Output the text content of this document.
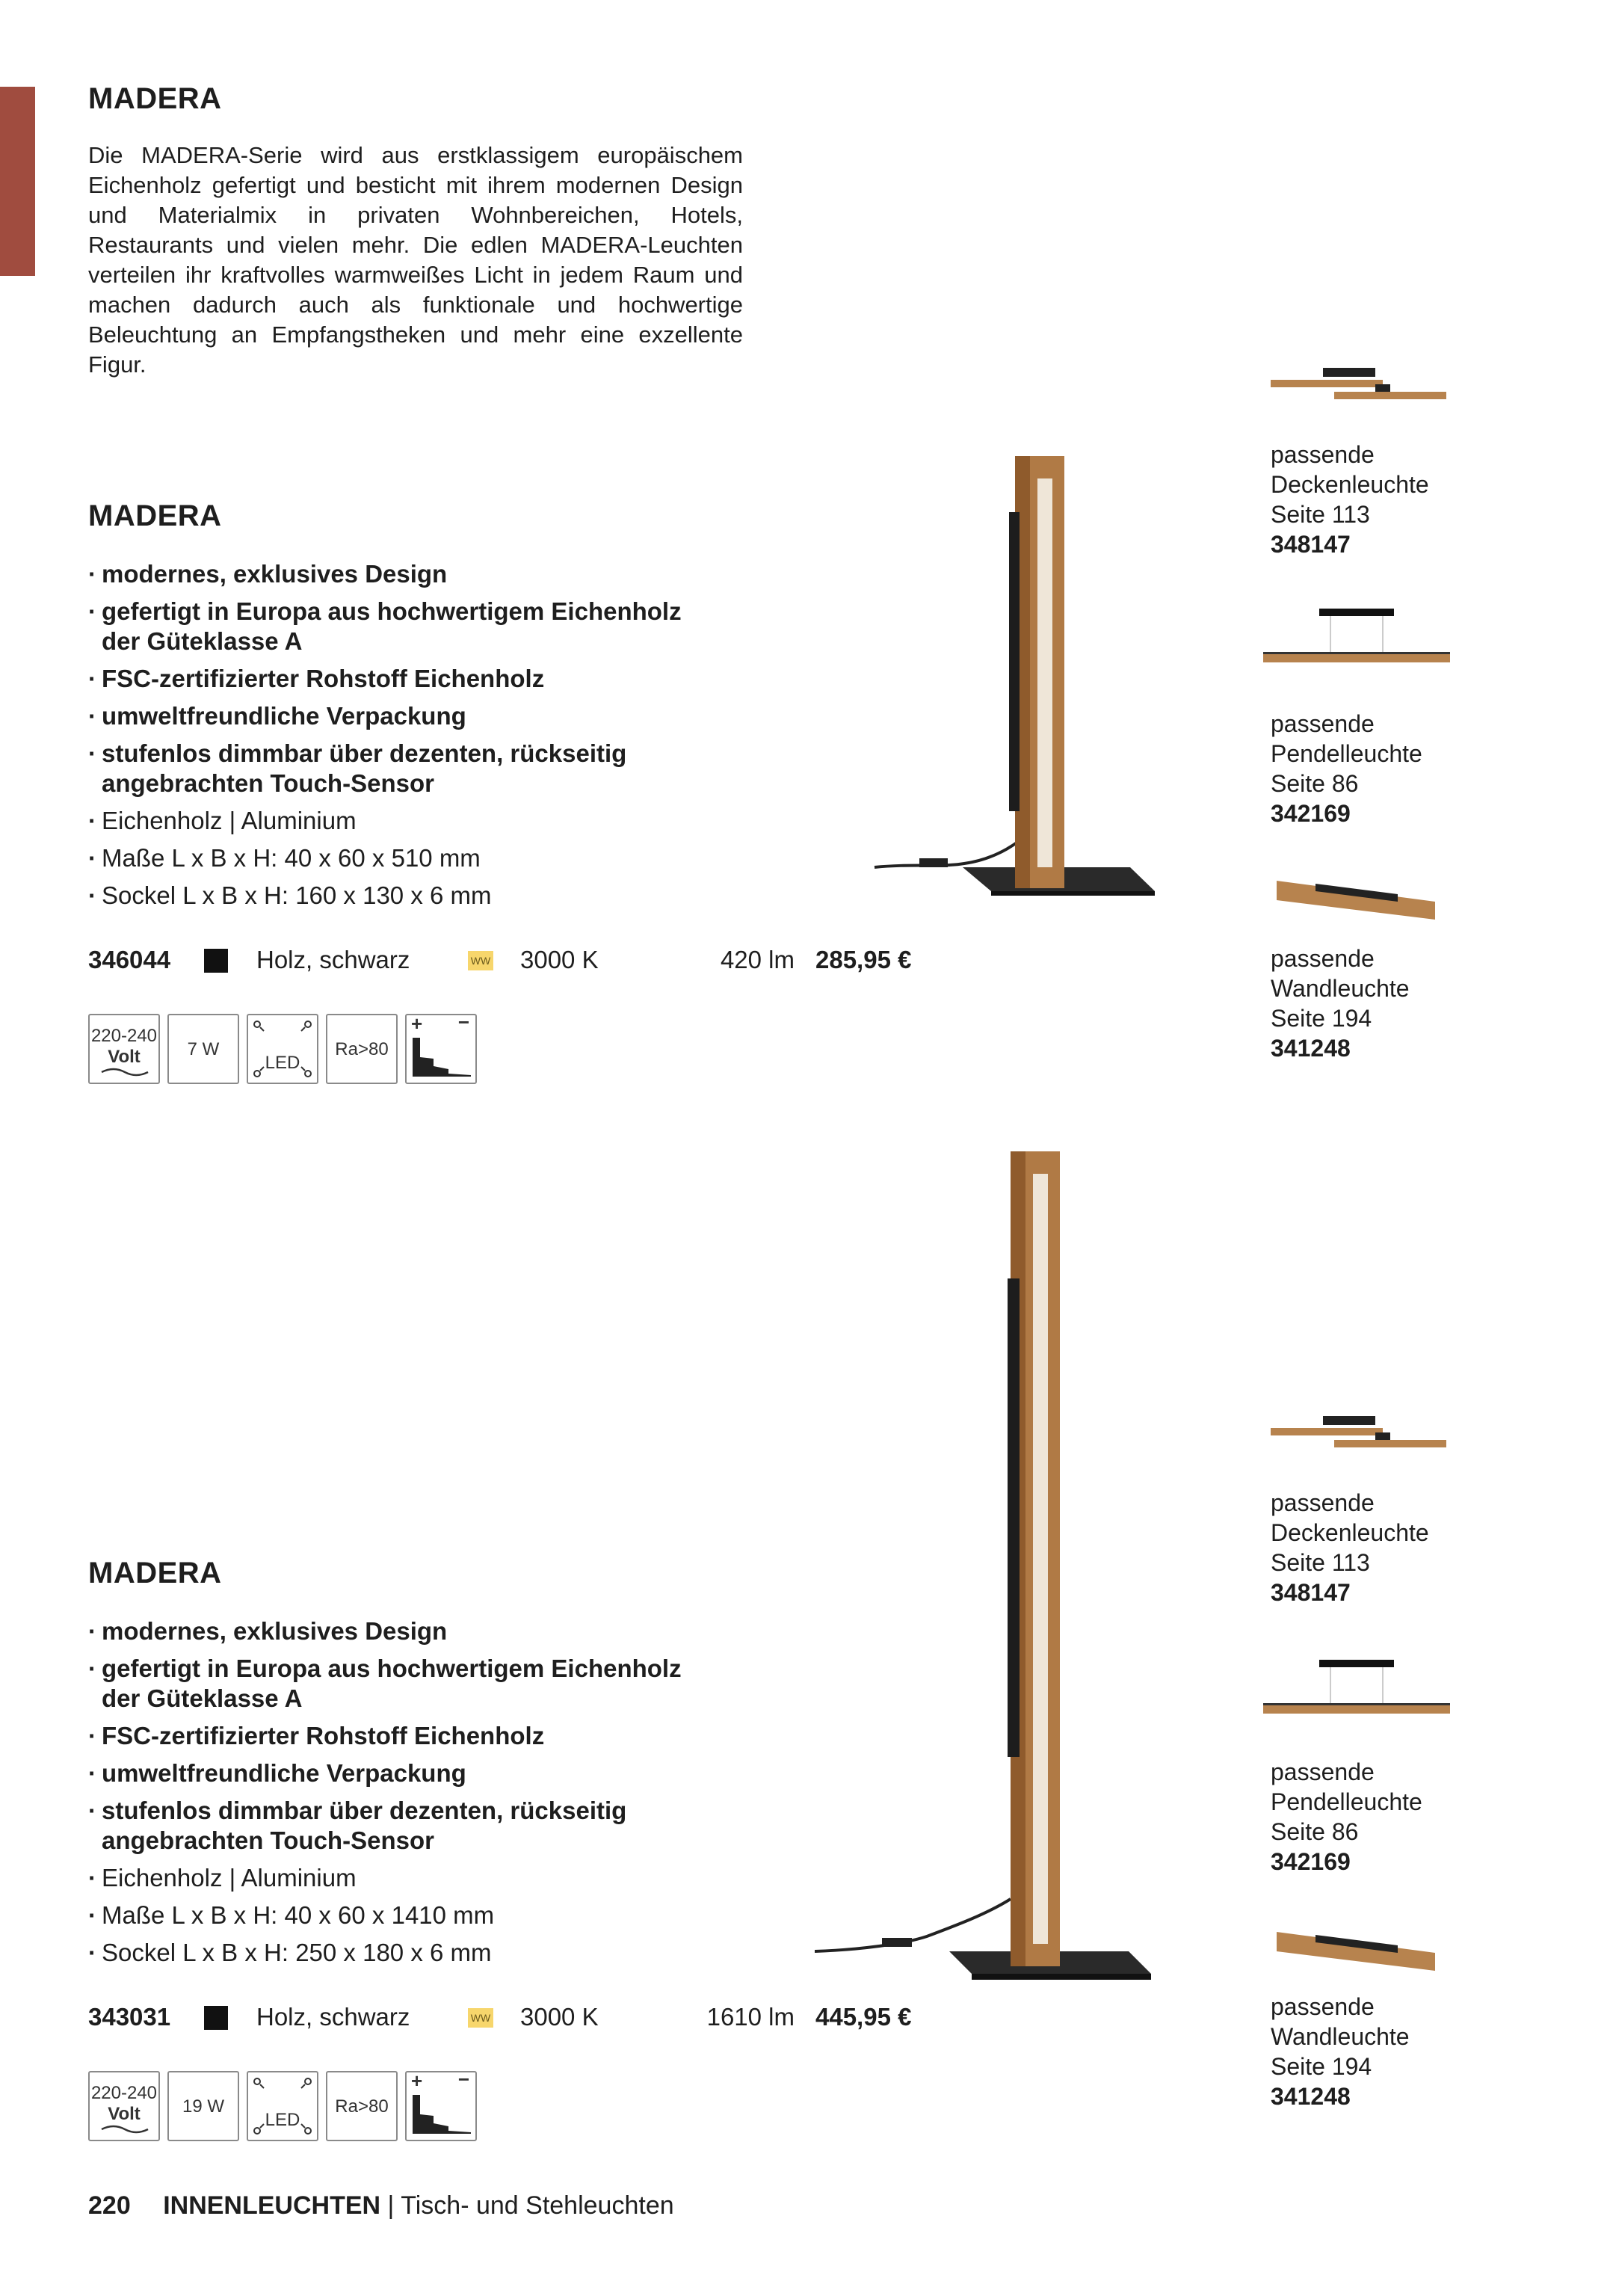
MADERA

Die MADERA-Serie wird aus erstklassigem europäischem Eichenholz gefertigt und besticht mit ihrem modernen Design und Materialmix in privaten Wohnbereichen, Hotels, Restaurants und vielen mehr. Die edlen MADERA-Leuchten verteilen ihr kraftvolles warmweißes Licht in jedem Raum und machen dadurch auch als funktionale und hochwertige Beleuchtung an Empfangstheken und mehr eine exzellente Figur.

MADERA
· modernes, exklusives Design
· gefertigt in Europa aus hochwertigem Eichenholz der Güteklasse A
· FSC-zertifizierter Rohstoff Eichenholz
· umweltfreundliche Verpackung
· stufenlos dimmbar über dezenten, rückseitig angebrachten Touch-Sensor
· Eichenholz | Aluminium
· Maße L x B x H: 40 x 60 x 510 mm
· Sockel L x B x H: 160 x 130 x 6 mm
346044	Holz, schwarz	WW 3000 K	420 lm 285,95 €
220-240
Volt	7 W
LED
Ra>80
+ −
passende
Deckenleuchte
Seite 113
348147
passende
Pendelleuchte
Seite 86
342169
passende
Wandleuchte
Seite 194
341248
MADERA
· modernes, exklusives Design
· gefertigt in Europa aus hochwertigem Eichenholz der Güteklasse A
· FSC-zertifizierter Rohstoff Eichenholz
· umweltfreundliche Verpackung
· stufenlos dimmbar über dezenten, rückseitig angebrachten Touch-Sensor
· Eichenholz | Aluminium
· Maße L x B x H: 40 x 60 x 1410 mm
· Sockel L x B x H: 250 x 180 x 6 mm
343031	Holz, schwarz	WW 3000 K	1610 lm 445,95 €
220-240
Volt	19 W
LED
Ra>80
+ −
passende
Deckenleuchte
Seite 113
348147
passende
Pendelleuchte
Seite 86
342169
passende
Wandleuchte
Seite 194
341248
220 INNENLEUCHTEN | Tisch- und Stehleuchten
